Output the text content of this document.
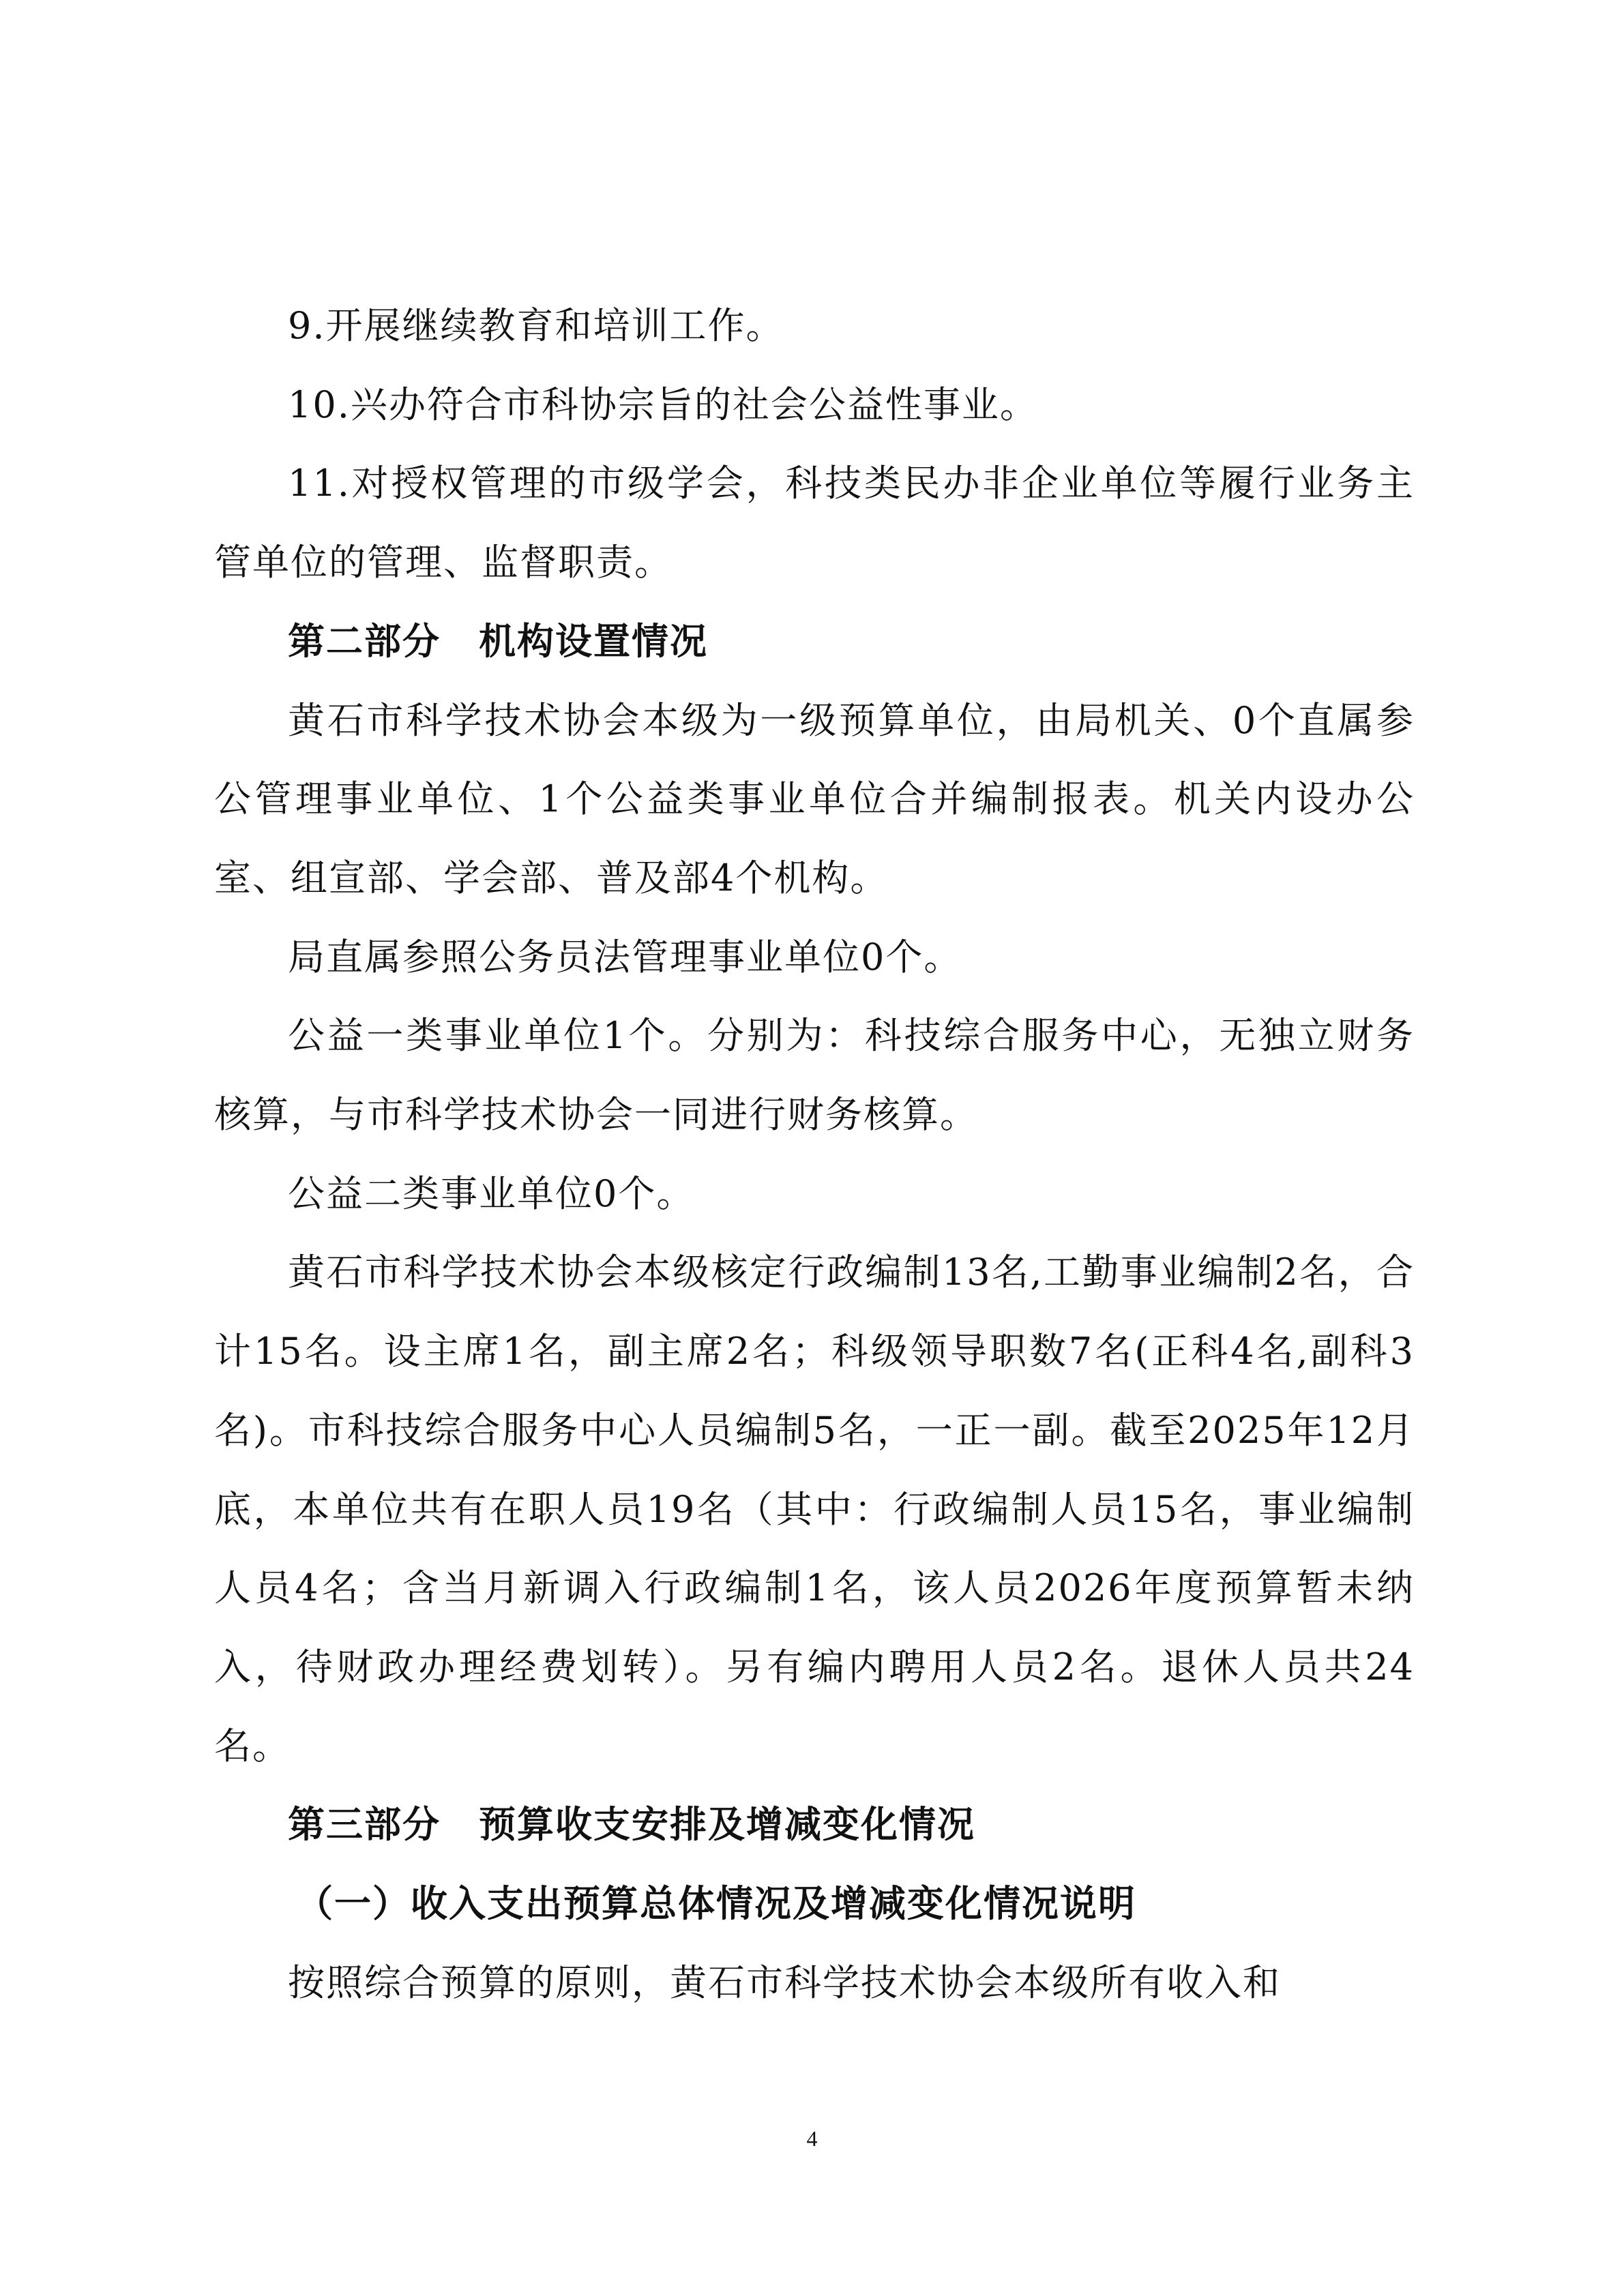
9.开展继续教育和培训工作。

10.兴办符合市科协宗旨的社会公益性事业。

11.对授权管理的市级学会，科技类民办非企业单位等履行业务主管单位的管理、监督职责。

第二部分　机构设置情况

黄石市科学技术协会本级为一级预算单位，由局机关、0个直属参公管理事业单位、1个公益类事业单位合并编制报表。机关内设办公室、组宣部、学会部、普及部4个机构。

局直属参照公务员法管理事业单位0个。

公益一类事业单位1个。分别为：科技综合服务中心，无独立财务核算，与市科学技术协会一同进行财务核算。

公益二类事业单位0个。

黄石市科学技术协会本级核定行政编制13名,工勤事业编制2名，合计15名。设主席1名，副主席2名；科级领导职数7名(正科4名,副科3名)。市科技综合服务中心人员编制5名，一正一副。截至2025年12月底，本单位共有在职人员19名（其中：行政编制人员15名，事业编制人员4名；含当月新调入行政编制1名，该人员2026年度预算暂未纳入，待财政办理经费划转）。另有编内聘用人员2名。退休人员共24名。

第三部分　预算收支安排及增减变化情况

（一）收入支出预算总体情况及增减变化情况说明

按照综合预算的原则，黄石市科学技术协会本级所有收入和

4
